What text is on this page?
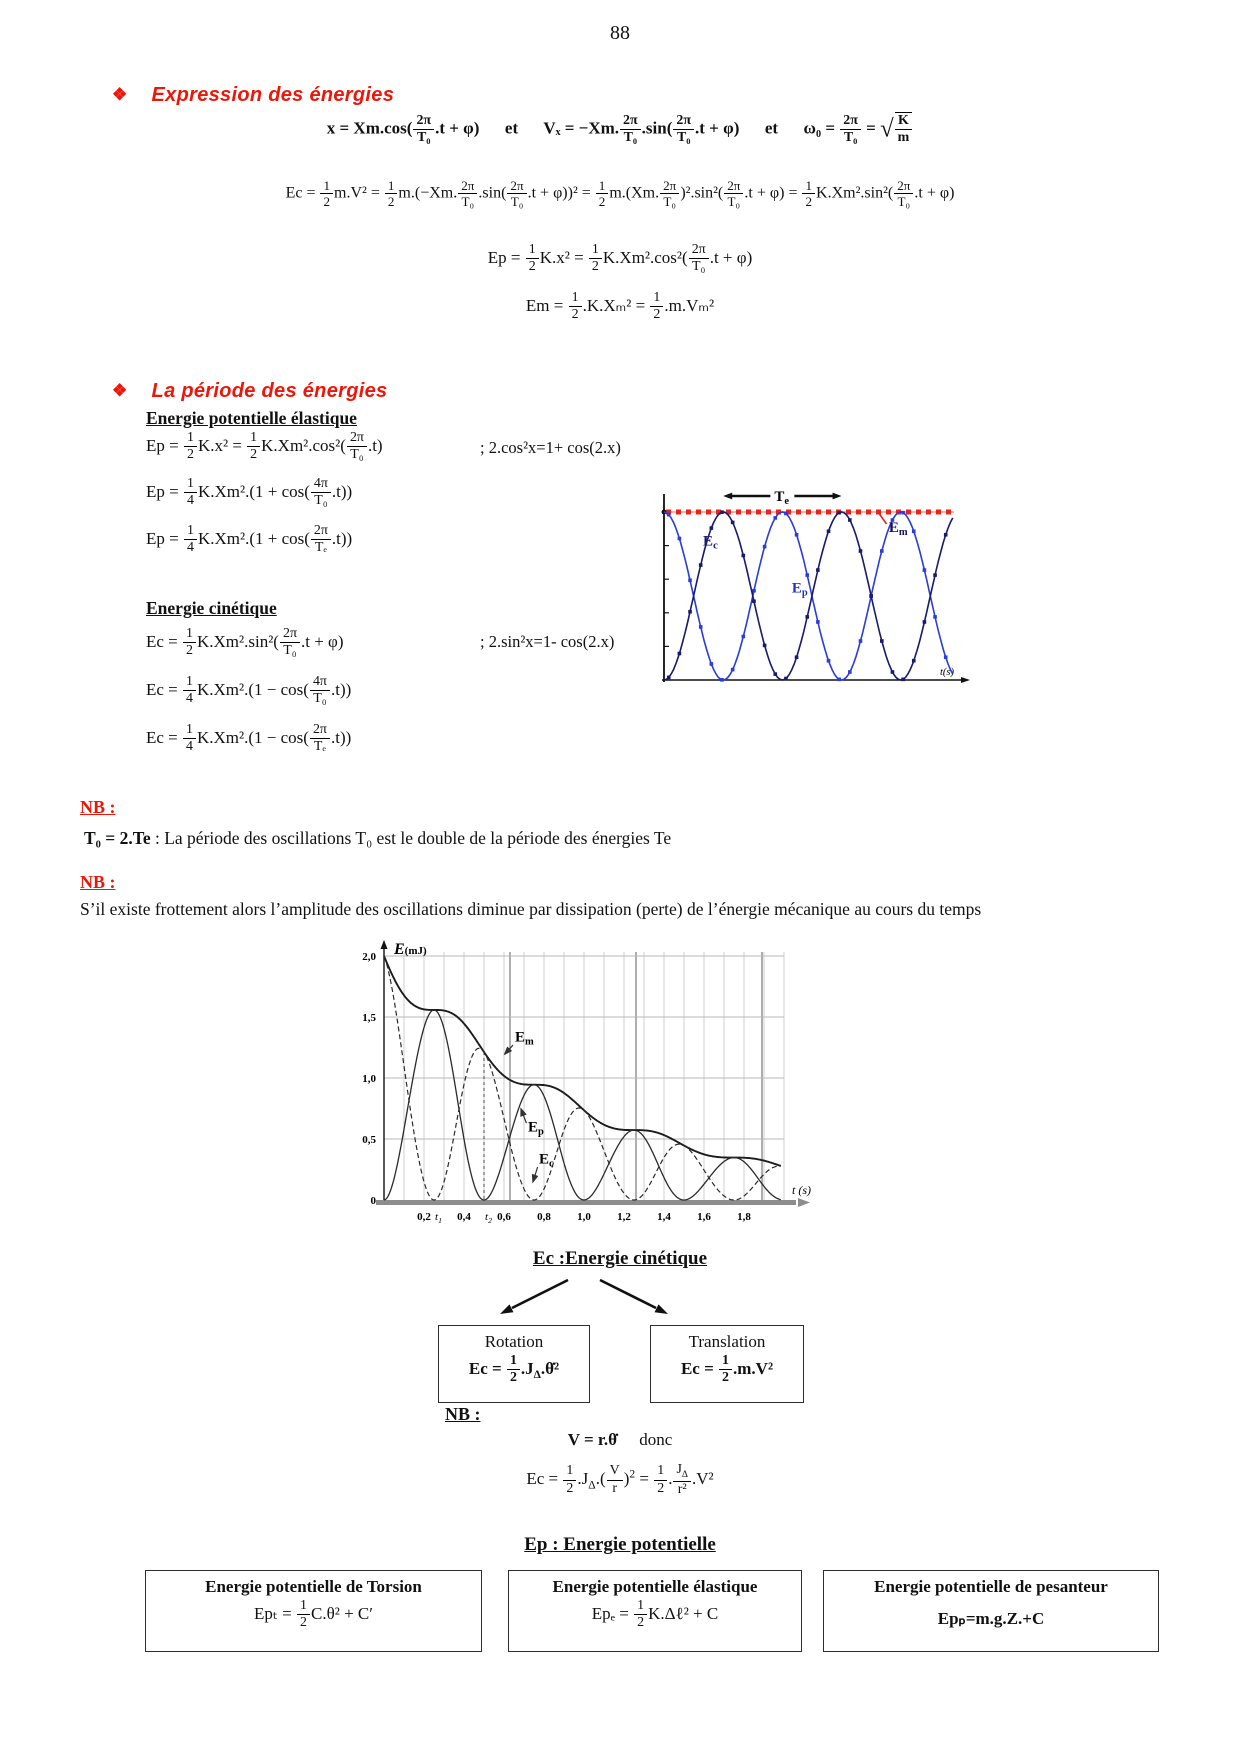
88
❖ Expression des énergies
$x = Xm.\cos( \frac{2\pi}{\text{T₀}} .t + \varphi)$   et   Vₓ = −Xm. $\frac{2\pi}{\text{T₀}} .\sin( \frac{2\pi}{\text{T₀}} .t + \varphi)$   et   $\omega_0 = \frac{2\pi}{\text{T₀}}$ = √ $\frac{K}{m}$
$Ec = \frac{1}{2} m.V^2 = \frac{1}{2} m.(-Xm$. $\frac{2\pi}{\text{T₀}} .\sin( \frac{2\pi}{\text{T₀}} .t + \varphi))^2 = \frac{1}{2} m.(Xm$. $\frac{2\pi}{\text{T₀}} )^2.\sin^2( \frac{2\pi}{\text{T₀}} .t + \varphi) = \frac{1}{2} K.Xm^2.\sin^2( \frac{2\pi}{\text{T₀}} .t + \varphi)$
$Ep = \frac{1}{2} K.x^2 = \frac{1}{2} K.Xm^2.\cos^2( \frac{2\pi}{\text{T₀}} .t + \varphi)$
$Em = \frac{1}{2} .K.X_m^2 = \frac{1}{2} .m.V_m^2$
❖ La période des énergies
Energie potentielle élastique
$Ep = \frac{1}{2} K.x^2 = \frac{1}{2} K.Xm^2.\cos^2( \frac{2\pi}{\text{T₀}} .t)$	; 2.cos²x=1+ cos(2.x)
$Ep = \frac{1}{4} K.Xm^2.(1 + \cos( \frac{4\pi}{\text{T₀}} .t))$
$Ep = \frac{1}{4} K.Xm^2.(1 + \cos( \frac{2\pi}{\text{Tₑ}} .t))$
Energie cinétique
$Ec = \frac{1}{2} K.Xm^2.\sin^2( \frac{2\pi}{\text{T₀}} .t + \varphi)$	; 2.sin²x=1- cos(2.x)
$Ec = \frac{1}{4} K.Xm^2.(1 - \cos( \frac{4\pi}{\text{T₀}} .t))$
$Ec = \frac{1}{4} K.Xm^2.(1 - \cos( \frac{2\pi}{\text{Tₑ}} .t))$
t(s)
$T_e$
$E_c$
$E_p$
$E_m$
NB :
T₀ = 2.Te : La période des oscillations T₀ est le double de la période des énergies Te
NB :
S’il existe frottement alors l’amplitude des oscillations diminue par dissipation (perte) de l’énergie mécanique au cours du temps
E(mJ)
t (s)
2,0
1,5
1,0
0,5
0
0,2 0,4 0,6 0,8 1,0 1,2 1,4 1,6 1,8
$t_1$	$t_2$
$E_m$
$E_p$
$E_c$
Ec :Energie cinétique
Rotation
$Ec = \frac{1}{2}$ $.J_\Delta.\thetȧ^2$
Translation
$Ec = \frac{1}{2} .m.V^2$
NB :
V = r.θ̇ donc
$Ec = \frac{1}{2} .J_\Delta.( \frac{V}{r} )^2 = \frac{1}{2}$ . $\frac{J_\Delta}{\text{r²}} .V^2$
Ep : Energie potentielle
Energie potentielle de Torsion
$Ep_t = \frac{1}{2} C.\theta^2 + C'$
Energie potentielle élastique
$Ep_e = \frac{1}{2}$ K.Δℓ² + C
Energie potentielle de pesanteur
Epₚ=m.g.Z.+C
